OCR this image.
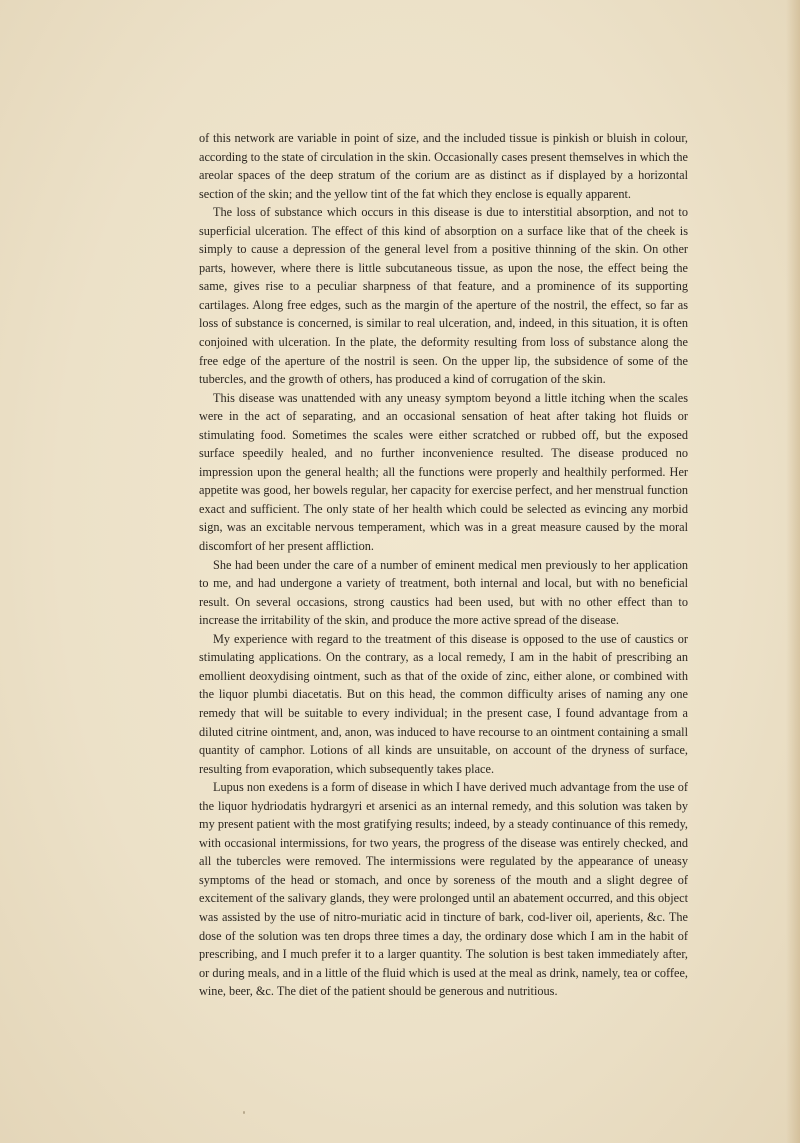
of this network are variable in point of size, and the included tissue is pinkish or bluish in colour, according to the state of circulation in the skin. Occasionally cases present themselves in which the areolar spaces of the deep stratum of the corium are as distinct as if displayed by a horizontal section of the skin; and the yellow tint of the fat which they enclose is equally apparent.

The loss of substance which occurs in this disease is due to interstitial absorption, and not to superficial ulceration. The effect of this kind of absorption on a surface like that of the cheek is simply to cause a depression of the general level from a positive thinning of the skin. On other parts, however, where there is little subcutaneous tissue, as upon the nose, the effect being the same, gives rise to a peculiar sharpness of that feature, and a prominence of its supporting cartilages. Along free edges, such as the margin of the aperture of the nostril, the effect, so far as loss of substance is concerned, is similar to real ulceration, and, indeed, in this situation, it is often conjoined with ulceration. In the plate, the deformity resulting from loss of substance along the free edge of the aperture of the nostril is seen. On the upper lip, the subsidence of some of the tubercles, and the growth of others, has produced a kind of corrugation of the skin.

This disease was unattended with any uneasy symptom beyond a little itching when the scales were in the act of separating, and an occasional sensation of heat after taking hot fluids or stimulating food. Sometimes the scales were either scratched or rubbed off, but the exposed surface speedily healed, and no further inconvenience resulted. The disease produced no impression upon the general health; all the functions were properly and healthily performed. Her appetite was good, her bowels regular, her capacity for exercise perfect, and her menstrual function exact and sufficient. The only state of her health which could be selected as evincing any morbid sign, was an excitable nervous temperament, which was in a great measure caused by the moral discomfort of her present affliction.

She had been under the care of a number of eminent medical men previously to her application to me, and had undergone a variety of treatment, both internal and local, but with no beneficial result. On several occasions, strong caustics had been used, but with no other effect than to increase the irritability of the skin, and produce the more active spread of the disease.

My experience with regard to the treatment of this disease is opposed to the use of caustics or stimulating applications. On the contrary, as a local remedy, I am in the habit of prescribing an emollient deoxydising ointment, such as that of the oxide of zinc, either alone, or combined with the liquor plumbi diacetatis. But on this head, the common difficulty arises of naming any one remedy that will be suitable to every individual; in the present case, I found advantage from a diluted citrine ointment, and, anon, was induced to have recourse to an ointment containing a small quantity of camphor. Lotions of all kinds are unsuitable, on account of the dryness of surface, resulting from evaporation, which subsequently takes place.

Lupus non exedens is a form of disease in which I have derived much advantage from the use of the liquor hydriodatis hydrargyri et arsenici as an internal remedy, and this solution was taken by my present patient with the most gratifying results; indeed, by a steady continuance of this remedy, with occasional intermissions, for two years, the progress of the disease was entirely checked, and all the tubercles were removed. The intermissions were regulated by the appearance of uneasy symptoms of the head or stomach, and once by soreness of the mouth and a slight degree of excitement of the salivary glands, they were prolonged until an abatement occurred, and this object was assisted by the use of nitro-muriatic acid in tincture of bark, cod-liver oil, aperients, &c. The dose of the solution was ten drops three times a day, the ordinary dose which I am in the habit of prescribing, and I much prefer it to a larger quantity. The solution is best taken immediately after, or during meals, and in a little of the fluid which is used at the meal as drink, namely, tea or coffee, wine, beer, &c. The diet of the patient should be generous and nutritious.
